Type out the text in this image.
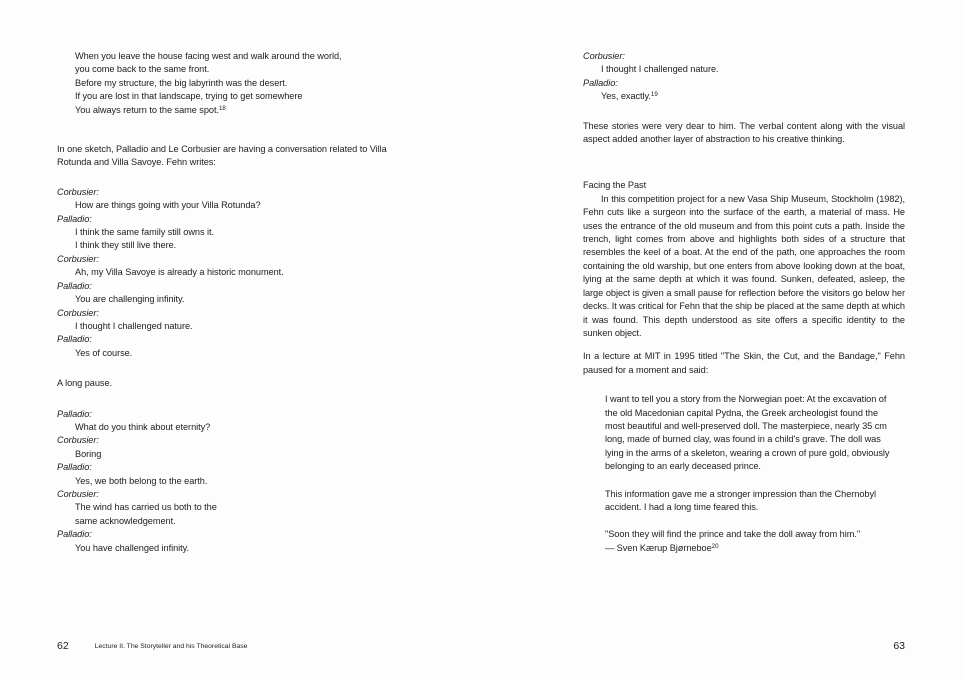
When you leave the house facing west and walk around the world,
you come back to the same front.
Before my structure, the big labyrinth was the desert.
If you are lost in that landscape, trying to get somewhere
You always return to the same spot.$^{18}$

In one sketch, Palladio and Le Corbusier are having a conversation related to Villa Rotunda and Villa Savoye. Fehn writes:

Corbusier:
How are things going with your Villa Rotunda?
Palladio:
I think the same family still owns it.
I think they still live there.
Corbusier:
Ah, my Villa Savoye is already a historic monument.
Palladio:
You are challenging infinity.
Corbusier:
I thought I challenged nature.
Palladio:
Yes of course.

A long pause.

Palladio:
What do you think about eternity?
Corbusier:
Boring
Palladio:
Yes, we both belong to the earth.
Corbusier:
The wind has carried us both to the
same acknowledgement.
Palladio:
You have challenged infinity.
Corbusier:
I thought I challenged nature.
Palladio:
Yes, exactly.$^{19}$

These stories were very dear to him. The verbal content along with the visual aspect added another layer of abstraction to his creative thinking.

Facing the Past

In this competition project for a new Vasa Ship Museum, Stockholm (1982), Fehn cuts like a surgeon into the surface of the earth, a material of mass. He uses the entrance of the old museum and from this point cuts a path. Inside the trench, light comes from above and highlights both sides of a structure that resembles the keel of a boat. At the end of the path, one approaches the room containing the old warship, but one enters from above looking down at the boat, lying at the same depth at which it was found. Sunken, defeated, asleep, the large object is given a small pause for reflection before the visitors go below her decks. It was critical for Fehn that the ship be placed at the same depth at which it was found. This depth understood as site offers a specific identity to the sunken object.

In a lecture at MIT in 1995 titled "The Skin, the Cut, and the Bandage," Fehn paused for a moment and said:

I want to tell you a story from the Norwegian poet: At the excavation of the old Macedonian capital Pydna, the Greek archeologist found the most beautiful and well-preserved doll. The masterpiece, nearly 35 cm long, made of burned clay, was found in a child's grave. The doll was lying in the arms of a skeleton, wearing a crown of pure gold, obviously belonging to an early deceased prince.

This information gave me a stronger impression than the Chernobyl accident. I had a long time feared this.

"Soon they will find the prince and take the doll away from him."

— Sven Kærup Bjørneboe$^{20}$
62	Lecture II. The Storyteller and his Theoretical Base	63
